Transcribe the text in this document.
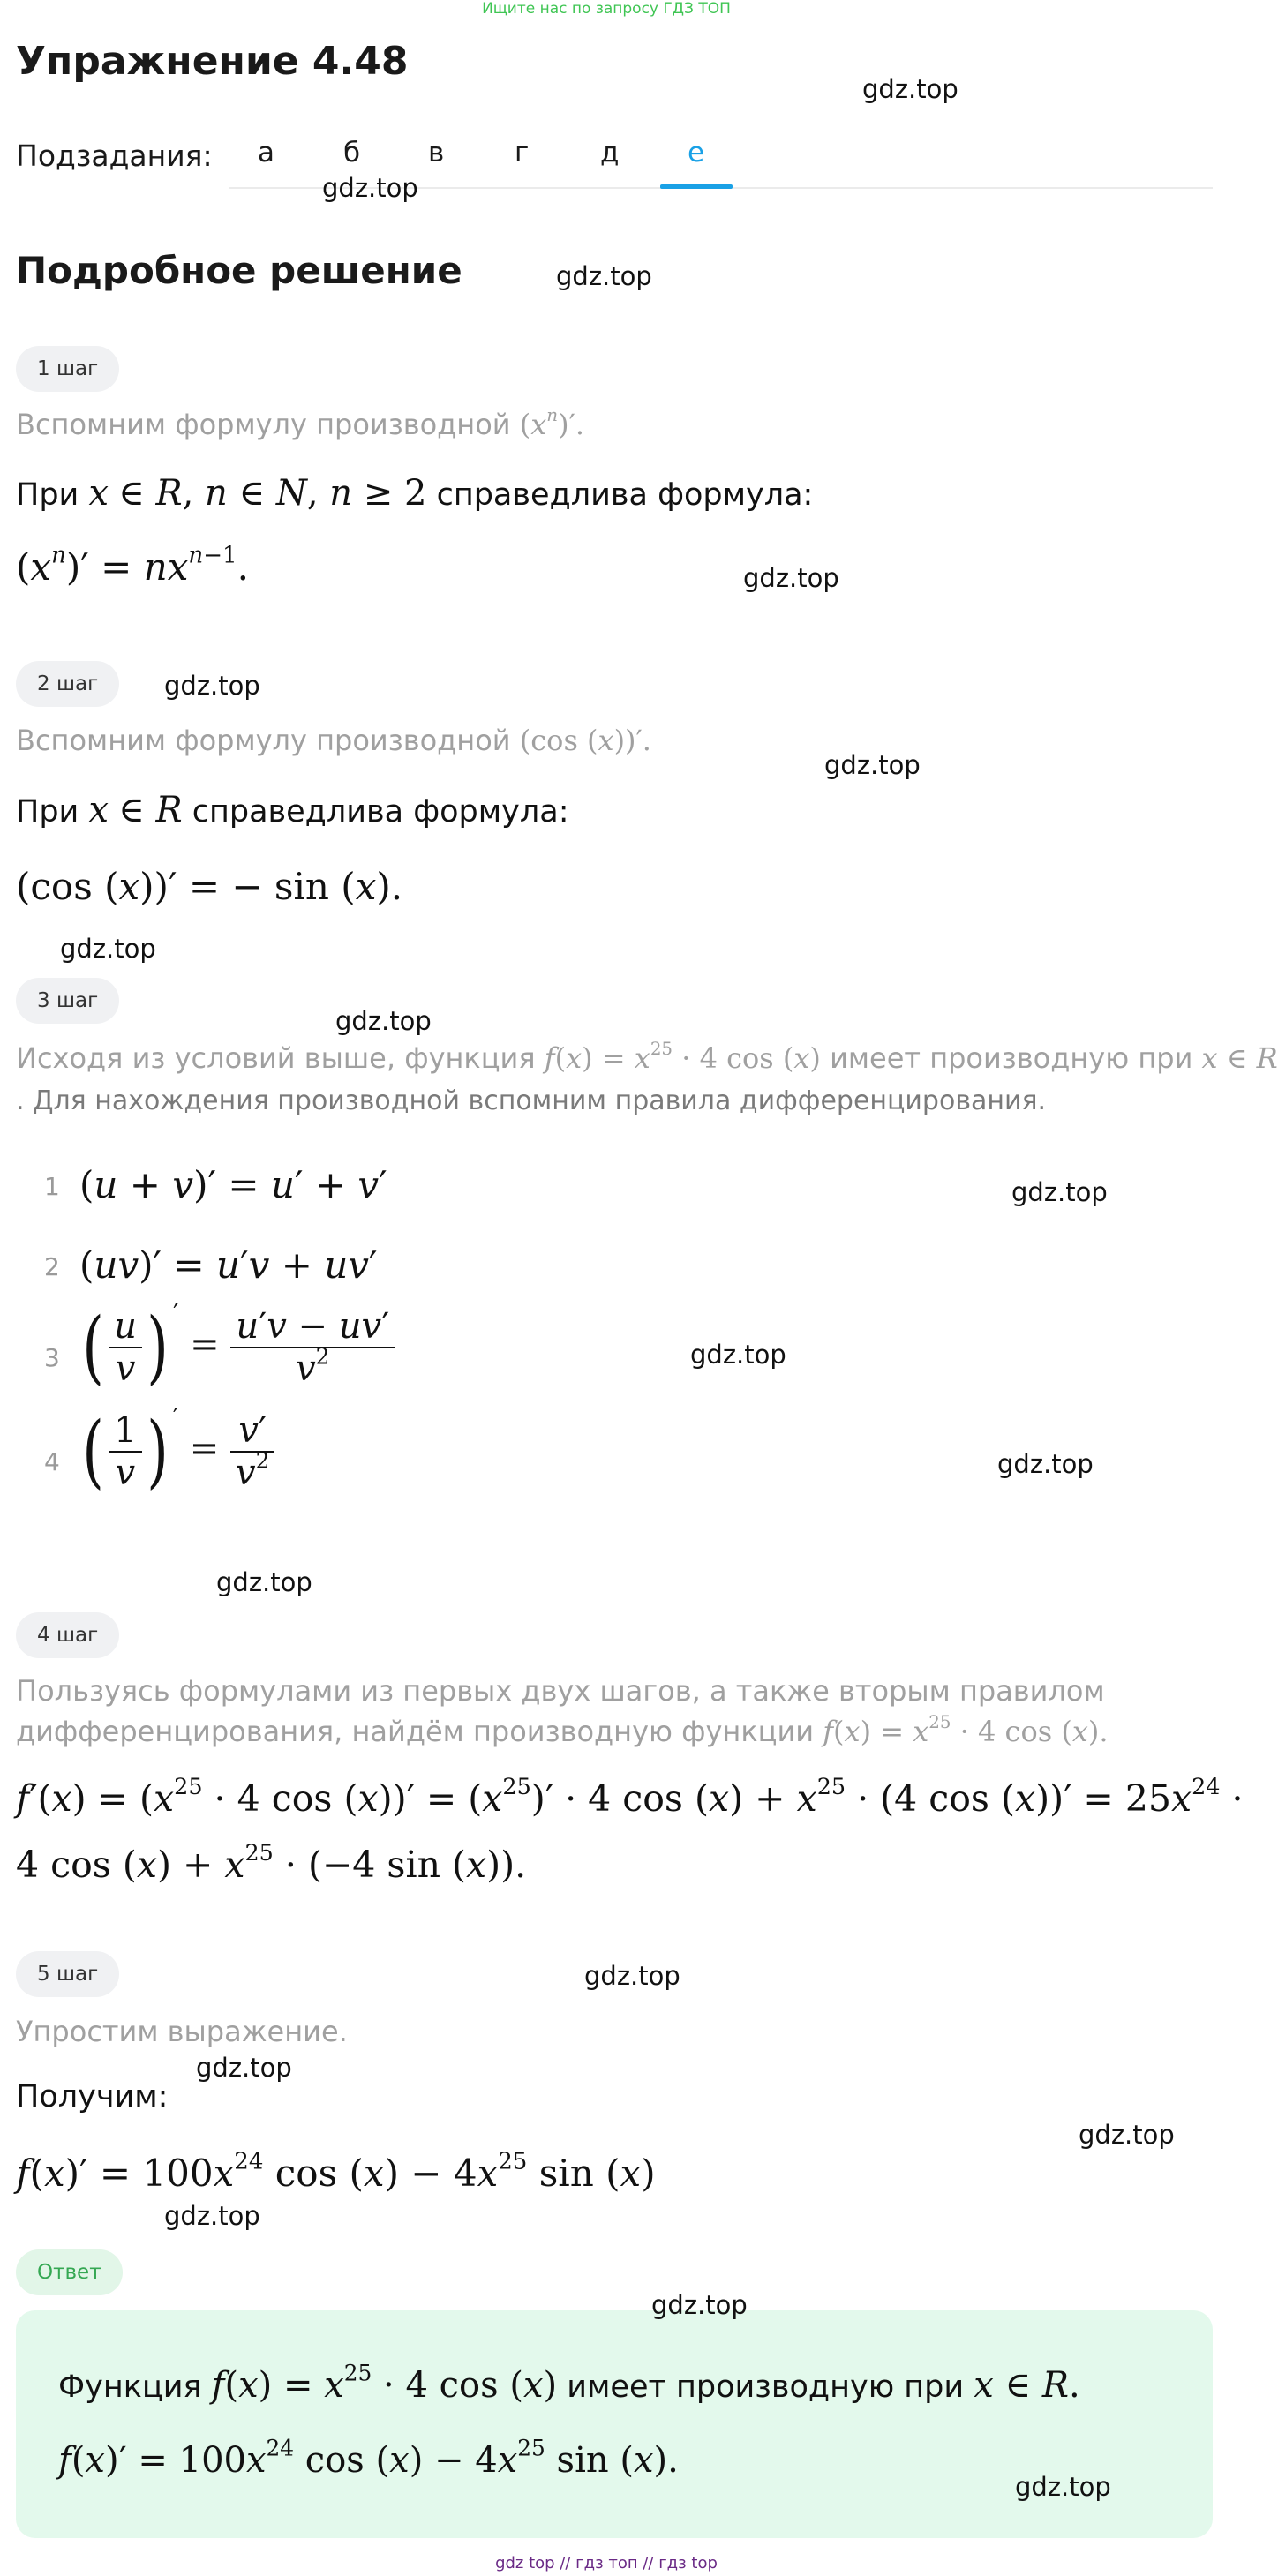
Ищите нас по запросу ГДЗ ТОП
Упражнение 4.48
Подзадания: а	б в	г	д	е
Подробное решение
1 шаг
Вспомним формулу производной $(x^n)'$.
При x ∈ R, n ∈ N, n ≥ 2 справедлива формула:
$(x^n)' = nx^{n-1}$.
2 шаг
Вспомним формулу производной (cos (x))′.
При x ∈ R справедлива формула:
(cos (x))′ = − sin (x).
3 шаг
Исходя из условий выше, функция $f(x) = x^{25} \cdot 4$ cos (x) имеет производную при x ∈ R
. Для нахождения производной вспомним правила дифференцирования.
1 (u + v)′ = u′ + v′
2 (uv)′ = u′v + uv′
3 ( $\frac{u}{v}$ ) $' = \frac{u'v - uv'}{v^2}$
4 ( $\frac{1}{v}$ ) $' = \frac{v'}{v^2}$
4 шаг
Пользуясь формулами из первых двух шагов, а также вторым правилом
дифференцирования, найдём производную функции $f(x) = x^{25} \cdot 4$ cos (x).
$f'(x) = (x^{25} \cdot 4$ $\cos (x))' = (x^{25})' \cdot 4$ $\cos (x) + x^{25} \cdot (4$ $\cos (x))' = 25x^{24}$ ·
4 $\cos (x) + x^{25} \cdot (-4$ sin (x)).
5 шаг
Упростим выражение.
Получим:
$f(x)' = 100x^{24}$ $\cos (x) - 4x^{25}$ sin (x)
Ответ
Функция $f(x) = x^{25} \cdot 4$ cos (x) имеет производную при x ∈ R.
$f(x)' = 100x^{24}$ $\cos (x) - 4x^{25}$ sin (x).
gdz.top
gdz.top
gdz.top
gdz.top
gdz.top
gdz.top
gdz.top
gdz.top
gdz.top
gdz.top
gdz.top
gdz.top
gdz.top
gdz.top
gdz.top
gdz.top
gdz.top
gdz.top
gdz top // гдз топ // гдз top
